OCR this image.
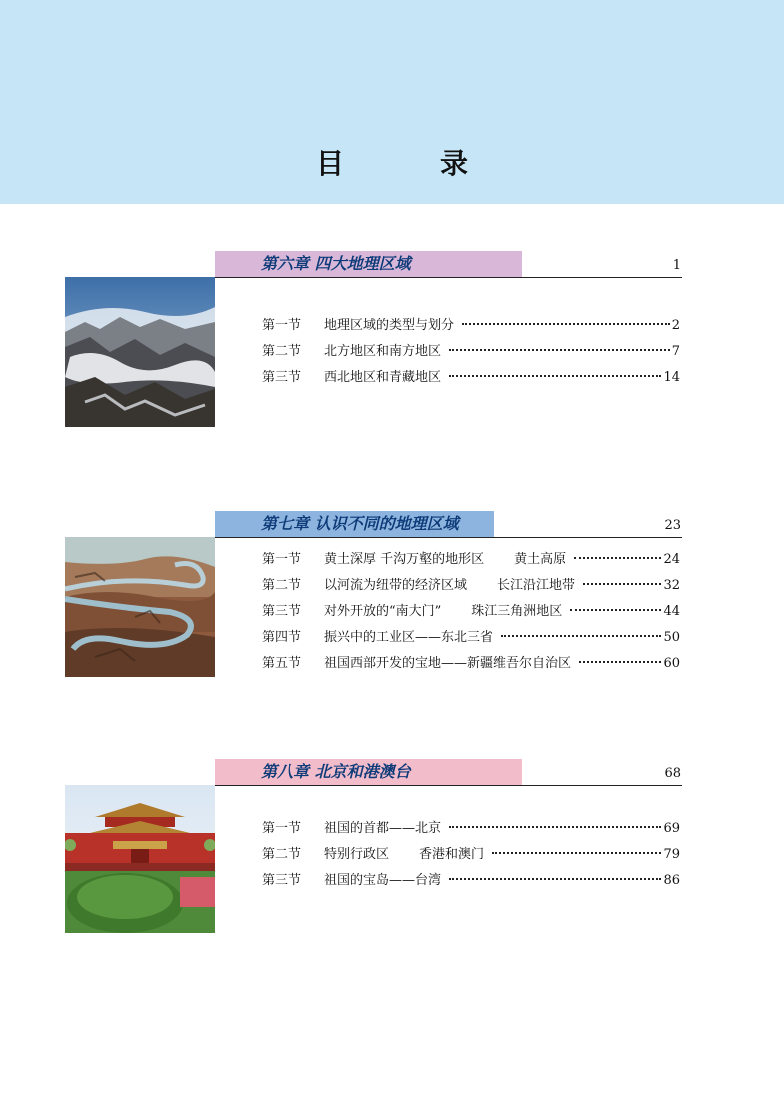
目　录
第六章 四大地理区域	1
第一节	地理区域的类型与划分	2
第二节	北方地区和南方地区	7
第三节	西北地区和青藏地区	14
第七章 认识不同的地理区域	23
第一节	黄土深厚 千沟万壑的地形区 黄土高原	24
第二节	以河流为纽带的经济区域 长江沿江地带	32
第三节	对外开放的“南大门” 珠江三角洲地区	44
第四节	振兴中的工业区——东北三省	50
第五节	祖国西部开发的宝地——新疆维吾尔自治区	60
第八章 北京和港澳台	68
第一节	祖国的首都——北京	69
第二节	特别行政区 香港和澳门	79
第三节	祖国的宝岛——台湾	86
